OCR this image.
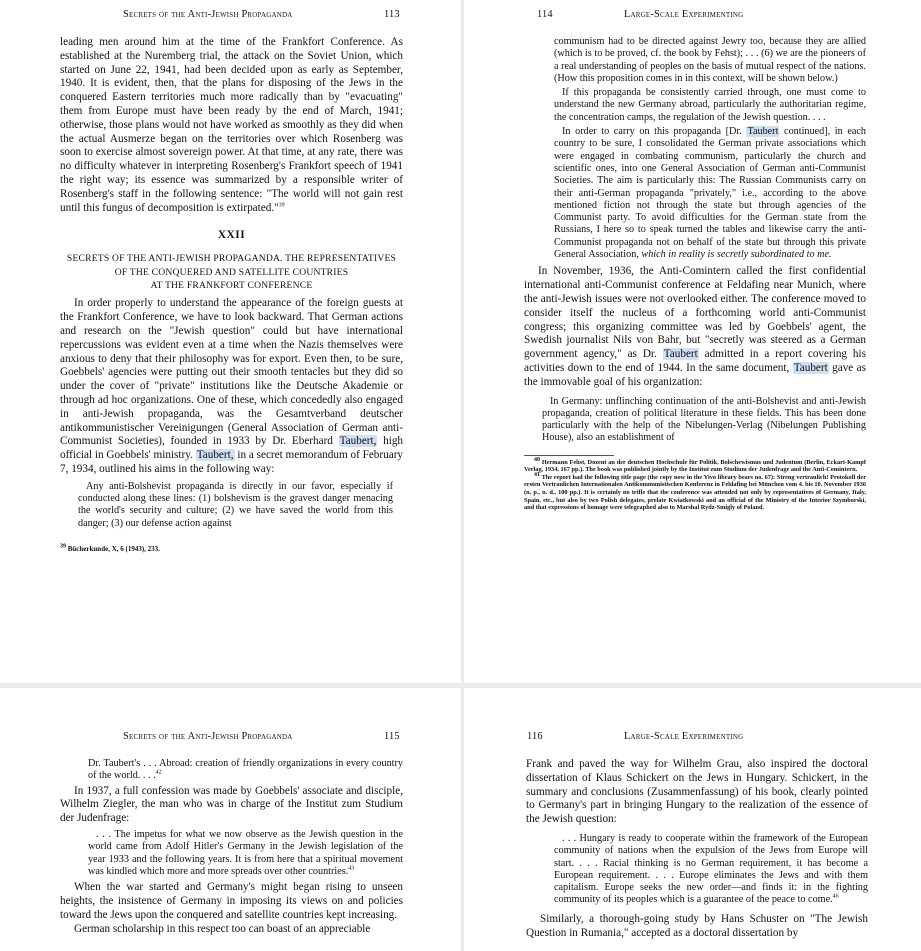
Secrets of the Anti-Jewish Propaganda	113

leading men around him at the time of the Frankfort Conference. As established at the Nuremberg trial, the attack on the Soviet Union, which started on June 22, 1941, had been decided upon as early as September, 1940. It is evident, then, that the plans for disposing of the Jews in the conquered Eastern territories much more radically than by "evacuating" them from Europe must have been ready by the end of March, 1941; otherwise, those plans would not have worked as smoothly as they did when the actual Ausmerze began on the territories over which Rosenberg was soon to exercise almost sovereign power. At that time, at any rate, there was no difficulty whatever in interpreting Rosenberg's Frankfort speech of 1941 the right way; its essence was summarized by a responsible writer of Rosenberg's staff in the following sentence: "The world will not gain rest until this fungus of decomposition is extirpated."$^{39}$

XXII
SECRETS OF THE ANTI-JEWISH PROPAGANDA. THE REPRESENTATIVES
OF THE CONQUERED AND SATELLITE COUNTRIES
AT THE FRANKFORT CONFERENCE

In order properly to understand the appearance of the foreign guests at the Frankfort Conference, we have to look backward. That German actions and research on the "Jewish question" could but have international repercussions was evident even at a time when the Nazis themselves were anxious to deny that their philosophy was for export. Even then, to be sure, Goebbels' agencies were putting out their smooth tentacles but they did so under the cover of "private" institutions like the Deutsche Akademie or through ad hoc organizations. One of these, which concededly also engaged in anti-Jewish propaganda, was the Gesamtverband deutscher antikommunistischer Vereinigungen (General Association of German anti-Communist Societies), founded in 1933 by Dr. Eberhard Taubert, high official in Goebbels' ministry. Taubert, in a secret memorandum of February 7, 1934, outlined his aims in the following way:

Any anti-Bolshevist propaganda is directly in our favor, especially if conducted along these lines: (1) bolshevism is the gravest danger menacing the world's security and culture; (2) we have saved the world from this danger; (3) our defense action against

$^{39}$ Bücherkunde, X, 6 (1943), 233.

114	Large-Scale Experimenting

communism had to be directed against Jewry too, because they are allied (which is to be proved, cf. the book by Fehst); . . . (6) we are the pioneers of a real understanding of peoples on the basis of mutual respect of the nations. (How this proposition comes in in this context, will be shown below.)

If this propaganda be consistently carried through, one must come to understand the new Germany abroad, particularly the authoritarian regime, the concentration camps, the regulation of the Jewish question. . . .

In order to carry on this propaganda [Dr. Taubert continued], in each country to be sure, I consolidated the German private associations which were engaged in combating communism, particularly the church and scientific ones, into one General Association of German anti-Communist Societies. The aim is particularly this: The Russian Communists carry on their anti-German propaganda "privately," i.e., according to the above mentioned fiction not through the state but through agencies of the Communist party. To avoid difficulties for the German state from the Russians, I here so to speak turned the tables and likewise carry the anti-Communist propaganda not on behalf of the state but through this private General Association, which in reality is secretly subordinated to me.

In November, 1936, the Anti-Comintern called the first confidential international anti-Communist conference at Feldafing near Munich, where the anti-Jewish issues were not overlooked either. The conference moved to consider itself the nucleus of a forthcoming world anti-Communist congress; this organizing committee was led by Goebbels' agent, the Swedish journalist Nils von Bahr, but "secretly was steered as a German government agency," as Dr. Taubert admitted in a report covering his activities down to the end of 1944. In the same document, Taubert gave as the immovable goal of his organization:

In Germany: unflinching continuation of the anti-Bolshevist and anti-Jewish propaganda, creation of political literature in these fields. This has been done particularly with the help of the Nibelungen-Verlag (Nibelungen Publishing House), also an establishment of

$^{40}$ Hermann Fehst, Dozent an der deutschen Hochschule für Politik, Bolschewismus und Judentum (Berlin, Eckart-Kampf Verlag, 1934, 167 pp.). The book was published jointly by the Institut zum Studium der Judenfrage and the Anti-Comintern.

$^{41}$ The report had the following title page (the copy now in the Yivo library bears no. 67): Streng vertraulich! Protokoll der ersten Vertraulichen Internationalen Antikommunistischen Konferenz in Feldafing bei München vom 4. bis 10. November 1936 (n. p., n. d., 100 pp.). It is certainly no trifle that the conference was attended not only by representatives of Germany, Italy, Spain, etc., but also by two Polish delegates, prelate Kwiatkowski and an official of the Ministry of the Interior Szymborski, and that expressions of homage were telegraphed also to Marshal Rydz-Smigly of Poland.

Secrets of the Anti-Jewish Propaganda	115

Dr. Taubert's . . . Abroad: creation of friendly organizations in every country of the world. . . .$^{42}$

In 1937, a full confession was made by Goebbels' associate and disciple, Wilhelm Ziegler, the man who was in charge of the Institut zum Studium der Judenfrage:

. . . The impetus for what we now observe as the Jewish question in the world came from Adolf Hitler's Germany in the Jewish legislation of the year 1933 and the following years. It is from here that a spiritual movement was kindled which more and more spreads over other countries.$^{43}$

When the war started and Germany's might began rising to unseen heights, the insistence of Germany in imposing its views on and policies toward the Jews upon the conquered and satellite countries kept increasing.

German scholarship in this respect too can boast of an appreciable

116	Large-Scale Experimenting

Frank and paved the way for Wilhelm Grau, also inspired the doctoral dissertation of Klaus Schickert on the Jews in Hungary. Schickert, in the summary and conclusions (Zusammenfassung) of his book, clearly pointed to Germany's part in bringing Hungary to the realization of the essence of the Jewish question:

. . . Hungary is ready to cooperate within the framework of the European community of nations when the expulsion of the Jews from Europe will start. . . . Racial thinking is no German requirement, it has become a European requirement. . . . Europe eliminates the Jews and with them capitalism. Europe seeks the new order—and finds it: in the fighting community of its peoples which is a guarantee of the peace to come.$^{46}$

Similarly, a thorough-going study by Hans Schuster on "The Jewish Question in Rumania," accepted as a doctoral dissertation by
